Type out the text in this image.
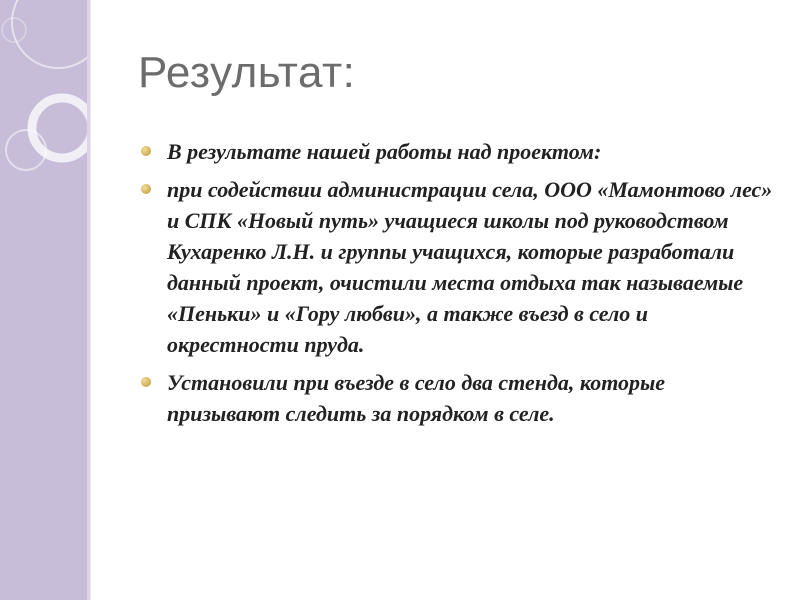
Результат:
В результате нашей работы над проектом:
при содействии администрации села, ООО «Мамонтово лес» и СПК «Новый путь» учащиеся школы под руководством Кухаренко Л.Н. и группы учащихся, которые разработали данный проект, очистили места отдыха так называемые «Пеньки» и «Гору любви», а также въезд в село и окрестности пруда.
Установили при въезде в село два стенда, которые призывают следить за порядком в селе.
